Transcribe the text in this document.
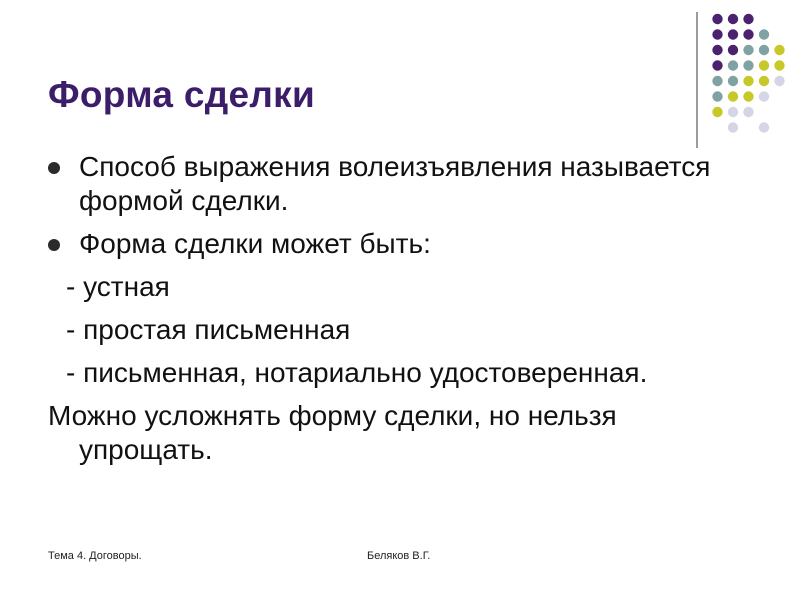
Форма сделки
Способ выражения волеизъявления называется формой сделки.
Форма сделки может быть:
- устная
- простая письменная
- письменная, нотариально удостоверенная.
Можно усложнять форму сделки, но нельзя упрощать.
Тема 4. Договоры.	Беляков В.Г.
